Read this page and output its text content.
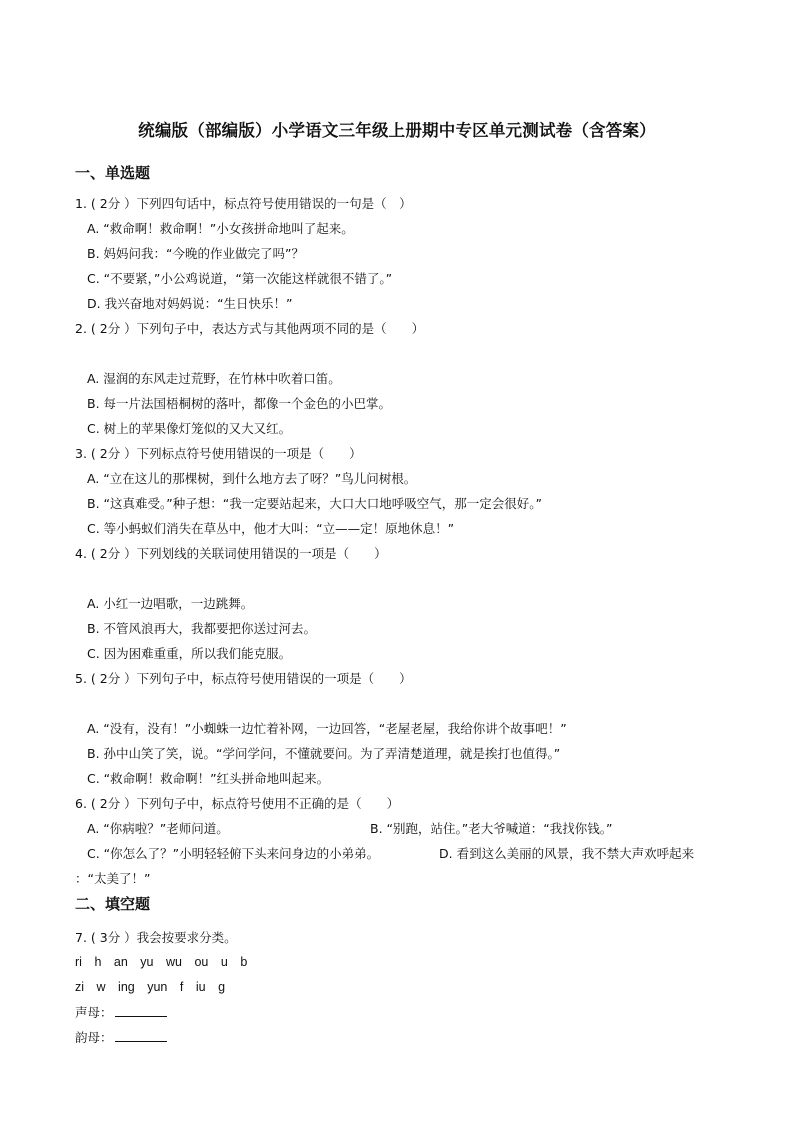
统编版（部编版）小学语文三年级上册期中专区单元测试卷（含答案）
一、单选题
1. ( 2分 ）下列四句话中，标点符号使用错误的一句是（　）
A. “救命啊！救命啊！”小女孩拼命地叫了起来。
B. 妈妈问我：“今晚的作业做完了吗”？
C. “不要紧，”小公鸡说道，“第一次能这样就很不错了。”
D. 我兴奋地对妈妈说：“生日快乐！”
2. ( 2分 ）下列句子中，表达方式与其他两项不同的是（　　）
A. 湿润的东风走过荒野，在竹林中吹着口笛。
B. 每一片法国梧桐树的落叶，都像一个金色的小巴掌。
C. 树上的苹果像灯笼似的又大又红。
3. ( 2分 ）下列标点符号使用错误的一项是（　　）
A. “立在这儿的那棵树，到什么地方去了呀？”鸟儿问树根。
B. “这真难受。”种子想：“我一定要站起来，大口大口地呼吸空气，那一定会很好。”
C. 等小蚂蚁们消失在草丛中，他才大叫：“立——定！原地休息！”
4. ( 2分 ）下列划线的关联词使用错误的一项是（　　）
A. 小红一边唱歌，一边跳舞。
B. 不管风浪再大，我都要把你送过河去。
C. 因为困难重重，所以我们能克服。
5. ( 2分 ）下列句子中，标点符号使用错误的一项是（　　）
A. “没有，没有！”小蜘蛛一边忙着补网，一边回答，“老屋老屋，我给你讲个故事吧！”
B. 孙中山笑了笑，说。“学问学问，不懂就要问。为了弄清楚道理，就是挨打也值得。”
C. “救命啊！救命啊！”红头拼命地叫起来。
6. ( 2分 ）下列句子中，标点符号使用不正确的是（　　）
A. “你病啦？”老师问道。	B. “别跑，站住。”老大爷喊道：“我找你钱。”
C. “你怎么了？”小明轻轻俯下头来问身边的小弟弟。	D. 看到这么美丽的风景，我不禁大声欢呼起来
：“太美了！”
二、填空题
7. ( 3分 ）我会按要求分类。
ri　h　an　yu　wu　ou　u　b
zi　w　ing　yun　f　iu　g
声母：
韵母：
